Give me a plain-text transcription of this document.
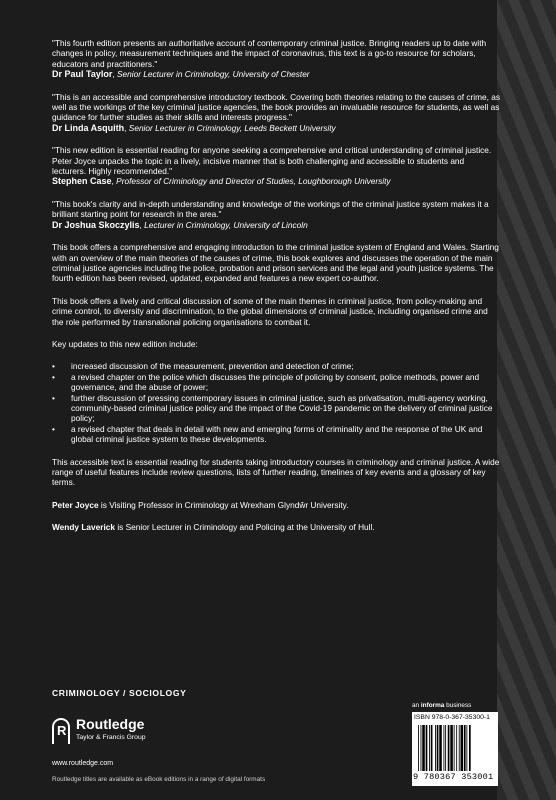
"This fourth edition presents an authoritative account of contemporary criminal justice. Bringing readers up to date with changes in policy, measurement techniques and the impact of coronavirus, this text is a go-to resource for scholars, educators and practitioners."
Dr Paul Taylor, Senior Lecturer in Criminology, University of Chester
"This is an accessible and comprehensive introductory textbook. Covering both theories relating to the causes of crime, as well as the workings of the key criminal justice agencies, the book provides an invaluable resource for students, as well as guidance for further studies as their skills and interests progress."
Dr Linda Asquith, Senior Lecturer in Criminology, Leeds Beckett University
"This new edition is essential reading for anyone seeking a comprehensive and critical understanding of criminal justice. Peter Joyce unpacks the topic in a lively, incisive manner that is both challenging and accessible to students and lecturers. Highly recommended."
Stephen Case, Professor of Criminology and Director of Studies, Loughborough University
"This book's clarity and in-depth understanding and knowledge of the workings of the criminal justice system makes it a brilliant starting point for research in the area."
Dr Joshua Skoczylis, Lecturer in Criminology, University of Lincoln
This book offers a comprehensive and engaging introduction to the criminal justice system of England and Wales. Starting with an overview of the main theories of the causes of crime, this book explores and discusses the operation of the main criminal justice agencies including the police, probation and prison services and the legal and youth justice systems. The fourth edition has been revised, updated, expanded and features a new expert co-author.
This book offers a lively and critical discussion of some of the main themes in criminal justice, from policy-making and crime control, to diversity and discrimination, to the global dimensions of criminal justice, including organised crime and the role performed by transnational policing organisations to combat it.
Key updates to this new edition include:
• increased discussion of the measurement, prevention and detection of crime;
• a revised chapter on the police which discusses the principle of policing by consent, police methods, power and governance, and the abuse of power;
• further discussion of pressing contemporary issues in criminal justice, such as privatisation, multi-agency working, community-based criminal justice policy and the impact of the Covid-19 pandemic on the delivery of criminal justice policy;
• a revised chapter that deals in detail with new and emerging forms of criminality and the response of the UK and global criminal justice system to these developments.
This accessible text is essential reading for students taking introductory courses in criminology and criminal justice. A wide range of useful features include review questions, lists of further reading, timelines of key events and a glossary of key terms.
Peter Joyce is Visiting Professor in Criminology at Wrexham Glyndŵr University.
Wendy Laverick is Senior Lecturer in Criminology and Policing at the University of Hull.
CRIMINOLOGY / SOCIOLOGY
R Routledge
Taylor & Francis Group
www.routledge.com
Routledge titles are available as eBook editions in a range of digital formats
an informa business
ISBN 978-0-367-35300-1
9 780367 353001
